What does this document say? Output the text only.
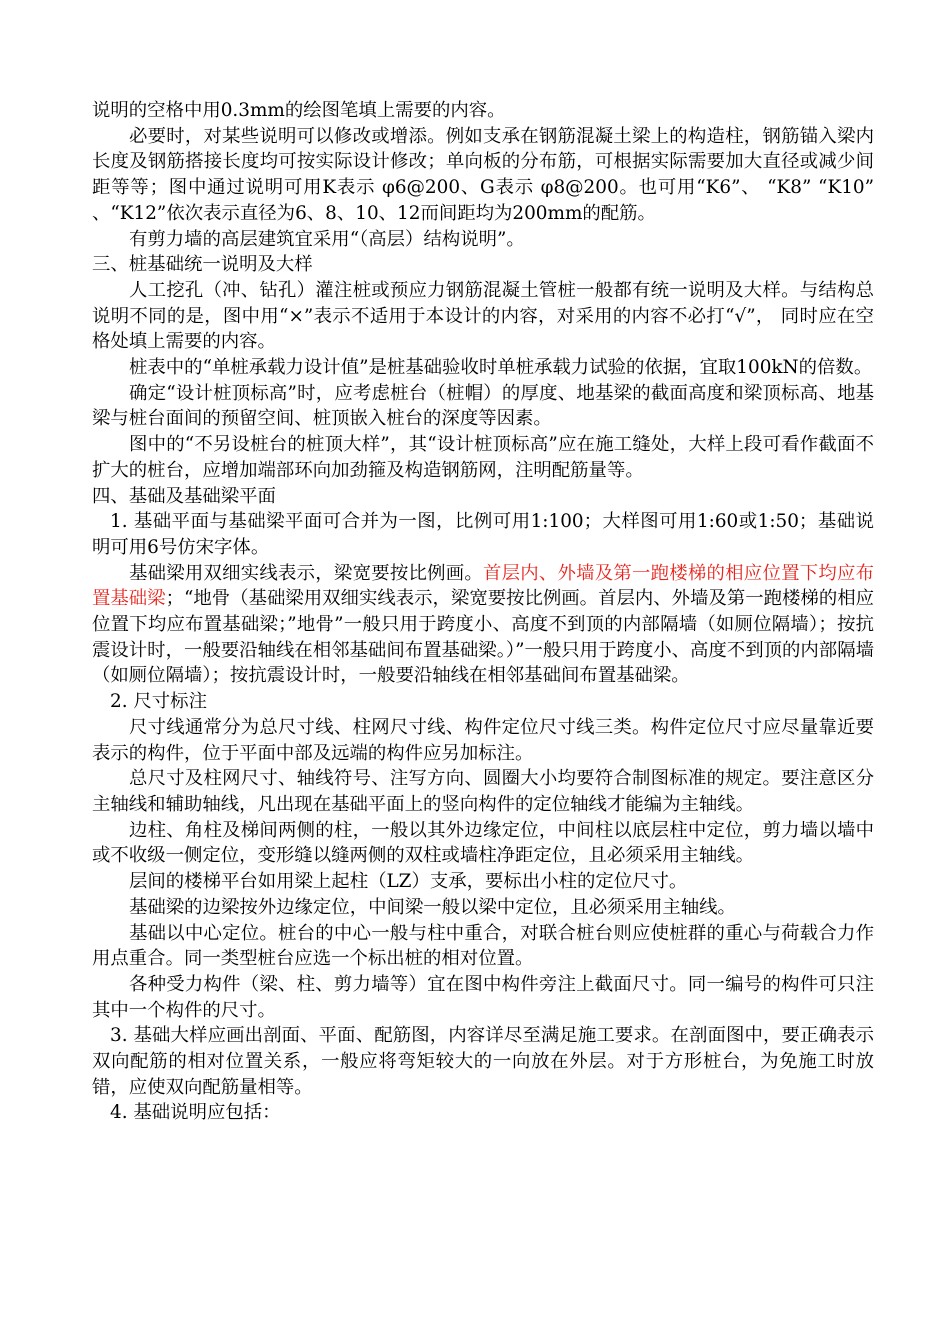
说明的空格中用0.3mm的绘图笔填上需要的内容。

必要时，对某些说明可以修改或增添。例如支承在钢筋混凝土梁上的构造柱，钢筋锚入梁内长度及钢筋搭接长度均可按实际设计修改；单向板的分布筋，可根据实际需要加大直径或减少间距等等；图中通过说明可用K表示 φ6@200、G表示 φ8@200。也可用“K6”、 “K8” “K10” 、“K12”依次表示直径为6、8、10、12而间距均为200mm的配筋。

有剪力墙的高层建筑宜采用“（高层）结构说明”。

三、桩基础统一说明及大样

人工挖孔（冲、钻孔）灌注桩或预应力钢筋混凝土管桩一般都有统一说明及大样。与结构总说明不同的是，图中用“×”表示不适用于本设计的内容，对采用的内容不必打“√”， 同时应在空格处填上需要的内容。

桩表中的“单桩承载力设计值”是桩基础验收时单桩承载力试验的依据，宜取100kN的倍数。

确定“设计桩顶标高”时，应考虑桩台（桩帽）的厚度、地基梁的截面高度和梁顶标高、地基梁与桩台面间的预留空间、桩顶嵌入桩台的深度等因素。

图中的“不另设桩台的桩顶大样”，其“设计桩顶标高”应在施工缝处，大样上段可看作截面不扩大的桩台，应增加端部环向加劲箍及构造钢筋网，注明配筋量等。

四、基础及基础梁平面

1. 基础平面与基础梁平面可合并为一图，比例可用1:100；大样图可用1:60或1:50；基础说明可用6号仿宋字体。

基础梁用双细实线表示，梁宽要按比例画。首层内、外墙及第一跑楼梯的相应位置下均应布置基础梁；“地骨（基础梁用双细实线表示，梁宽要按比例画。首层内、外墙及第一跑楼梯的相应位置下均应布置基础梁；”地骨”一般只用于跨度小、高度不到顶的内部隔墙（如厕位隔墙）；按抗震设计时，一般要沿轴线在相邻基础间布置基础梁。）”一般只用于跨度小、高度不到顶的内部隔墙（如厕位隔墙）；按抗震设计时，一般要沿轴线在相邻基础间布置基础梁。

2. 尺寸标注

尺寸线通常分为总尺寸线、柱网尺寸线、构件定位尺寸线三类。构件定位尺寸应尽量靠近要表示的构件，位于平面中部及远端的构件应另加标注。

总尺寸及柱网尺寸、轴线符号、注写方向、圆圈大小均要符合制图标准的规定。要注意区分主轴线和辅助轴线，凡出现在基础平面上的竖向构件的定位轴线才能编为主轴线。

边柱、角柱及梯间两侧的柱，一般以其外边缘定位，中间柱以底层柱中定位，剪力墙以墙中或不收级一侧定位，变形缝以缝两侧的双柱或墙柱净距定位，且必须采用主轴线。

层间的楼梯平台如用梁上起柱（LZ）支承，要标出小柱的定位尺寸。

基础梁的边梁按外边缘定位，中间梁一般以梁中定位，且必须采用主轴线。

基础以中心定位。桩台的中心一般与柱中重合，对联合桩台则应使桩群的重心与荷载合力作用点重合。同一类型桩台应选一个标出桩的相对位置。

各种受力构件（梁、柱、剪力墙等）宜在图中构件旁注上截面尺寸。同一编号的构件可只注其中一个构件的尺寸。

3. 基础大样应画出剖面、平面、配筋图，内容详尽至满足施工要求。在剖面图中，要正确表示双向配筋的相对位置关系，一般应将弯矩较大的一向放在外层。对于方形桩台，为免施工时放错，应使双向配筋量相等。

4. 基础说明应包括：
